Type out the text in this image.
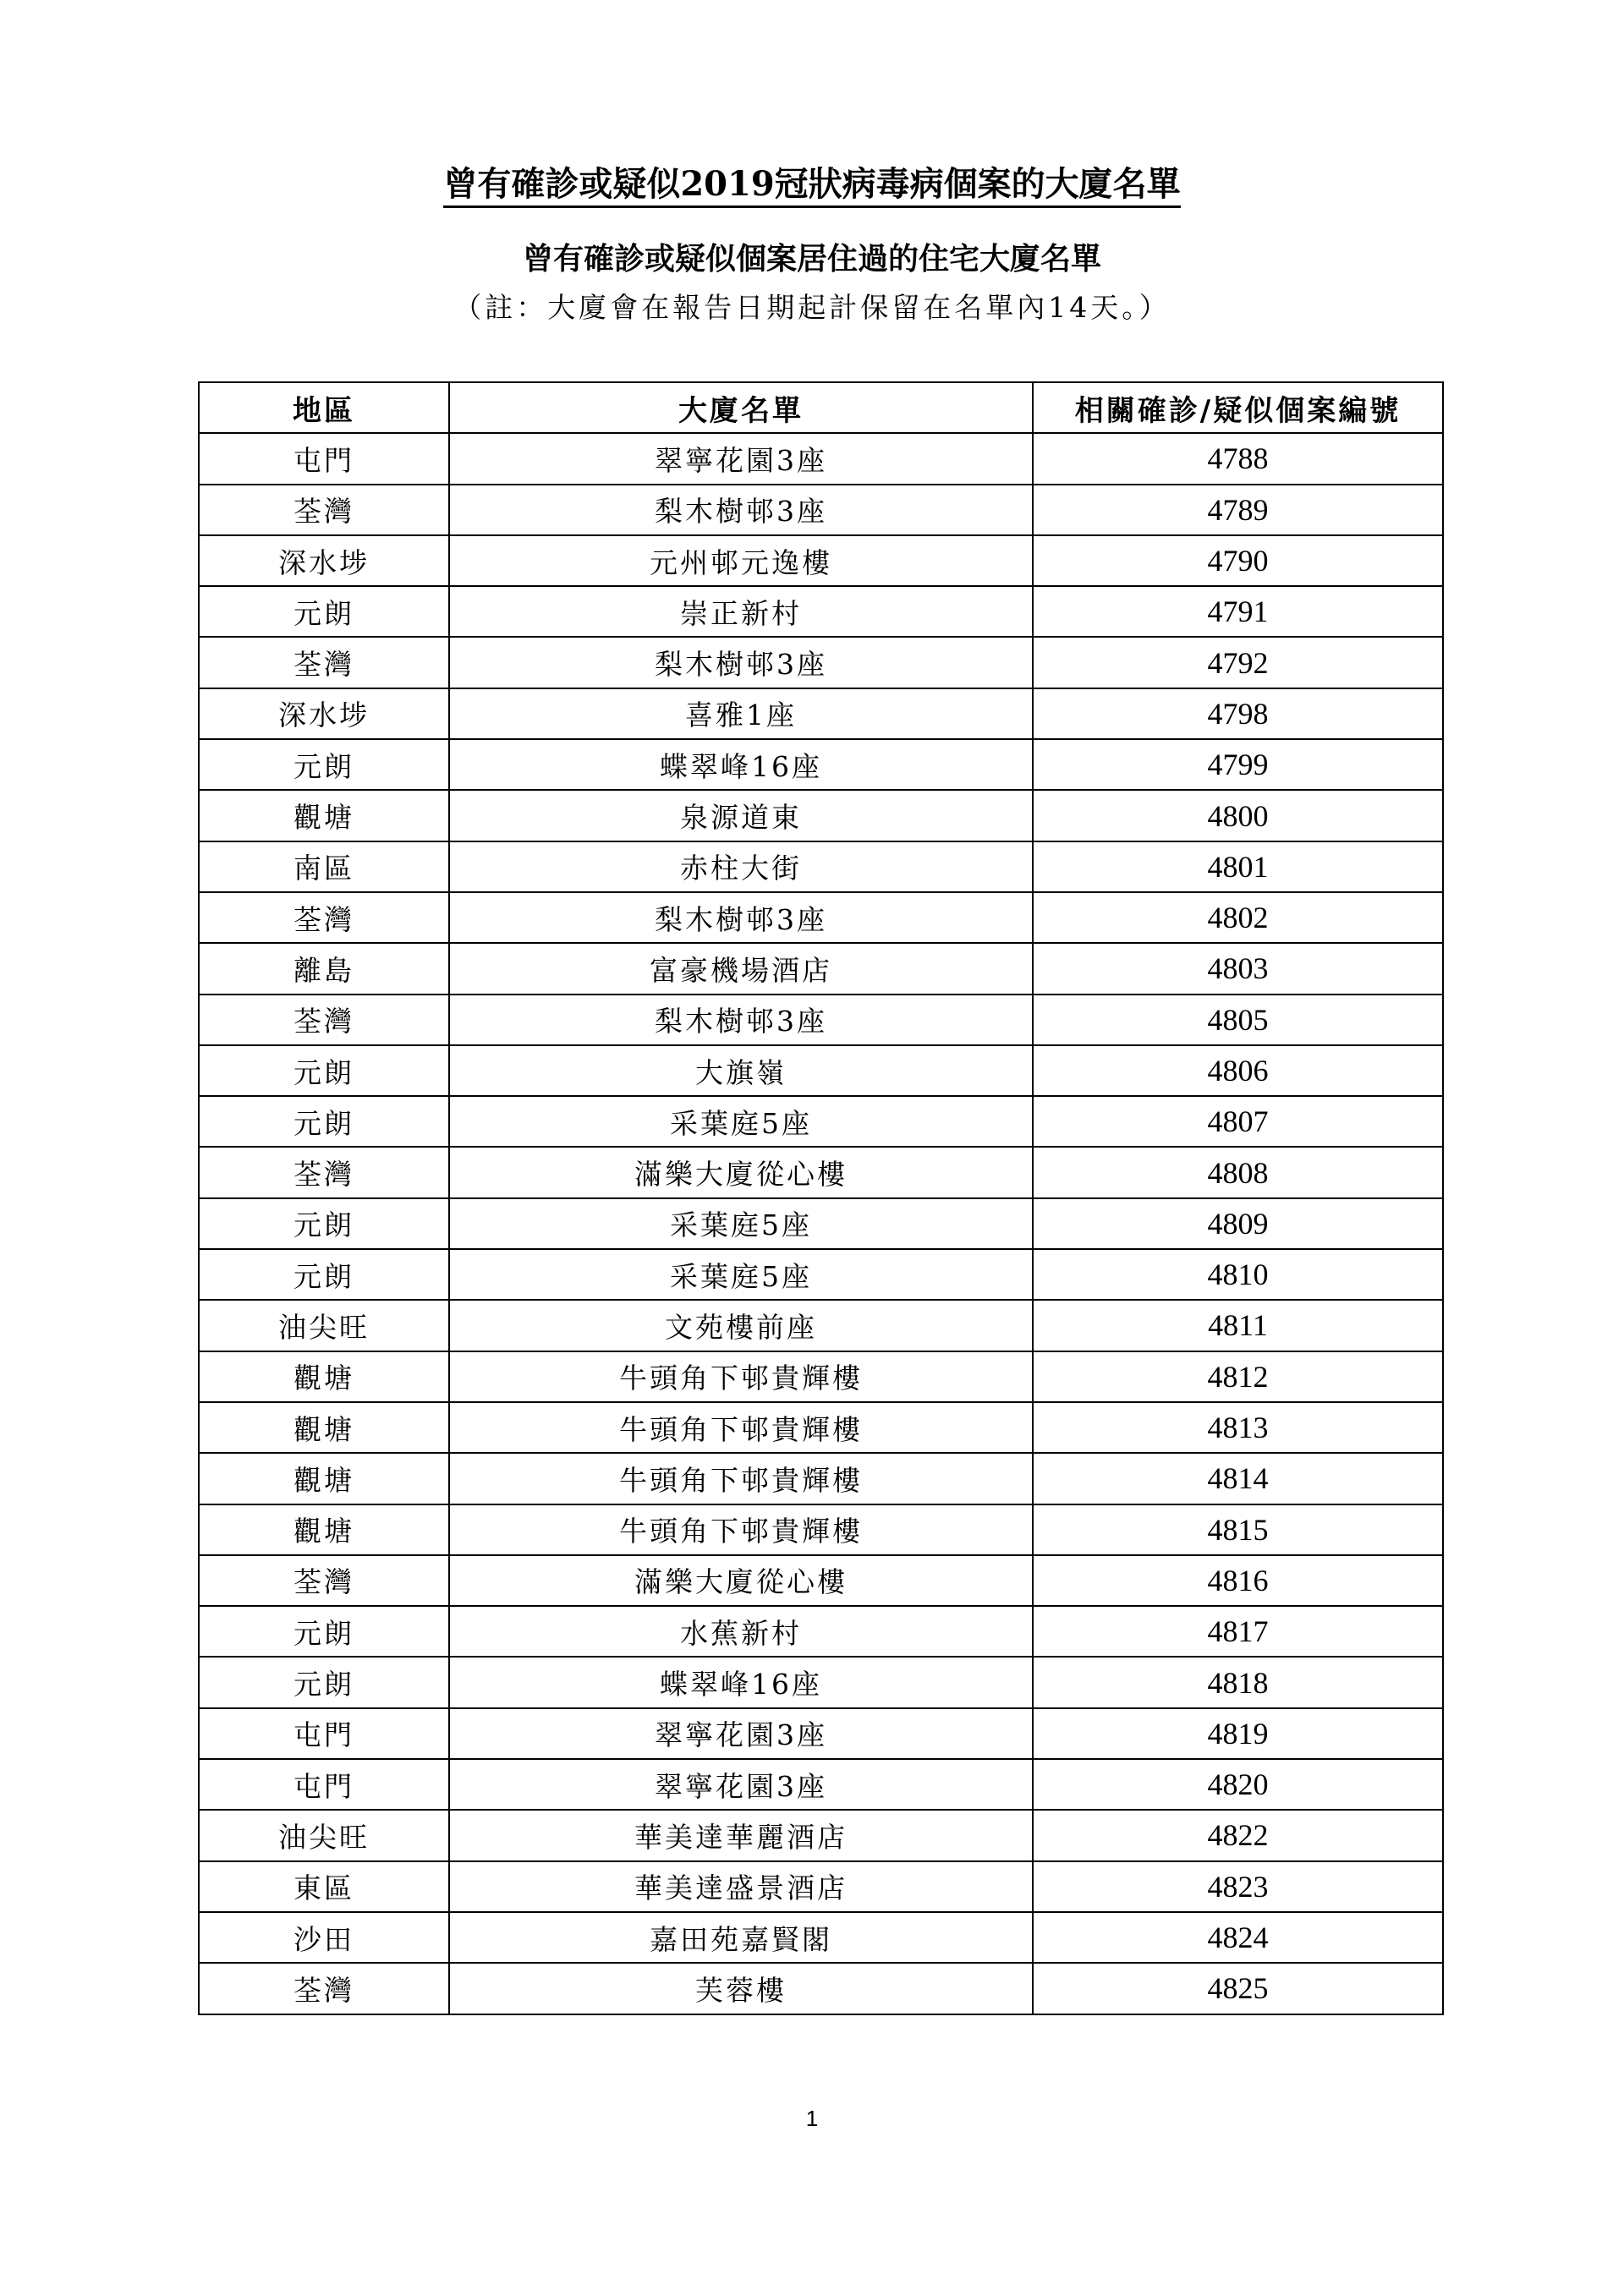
曾有確診或疑似2019冠狀病毒病個案的大廈名單
曾有確診或疑似個案居住過的住宅大廈名單
（註：大廈會在報告日期起計保留在名單內14天。）
地區	大廈名單	相關確診/疑似個案編號
屯門	翠寧花園3座	4788
荃灣	梨木樹邨3座	4789
深水埗	元州邨元逸樓	4790
元朗	崇正新村	4791
荃灣	梨木樹邨3座	4792
深水埗	喜雅1座	4798
元朗	蝶翠峰16座	4799
觀塘	泉源道東	4800
南區	赤柱大街	4801
荃灣	梨木樹邨3座	4802
離島	富豪機場酒店	4803
荃灣	梨木樹邨3座	4805
元朗	大旗嶺	4806
元朗	采葉庭5座	4807
荃灣	滿樂大廈從心樓	4808
元朗	采葉庭5座	4809
元朗	采葉庭5座	4810
油尖旺	文苑樓前座	4811
觀塘	牛頭角下邨貴輝樓	4812
觀塘	牛頭角下邨貴輝樓	4813
觀塘	牛頭角下邨貴輝樓	4814
觀塘	牛頭角下邨貴輝樓	4815
荃灣	滿樂大廈從心樓	4816
元朗	水蕉新村	4817
元朗	蝶翠峰16座	4818
屯門	翠寧花園3座	4819
屯門	翠寧花園3座	4820
油尖旺	華美達華麗酒店	4822
東區	華美達盛景酒店	4823
沙田	嘉田苑嘉賢閣	4824
荃灣	芙蓉樓	4825
1
